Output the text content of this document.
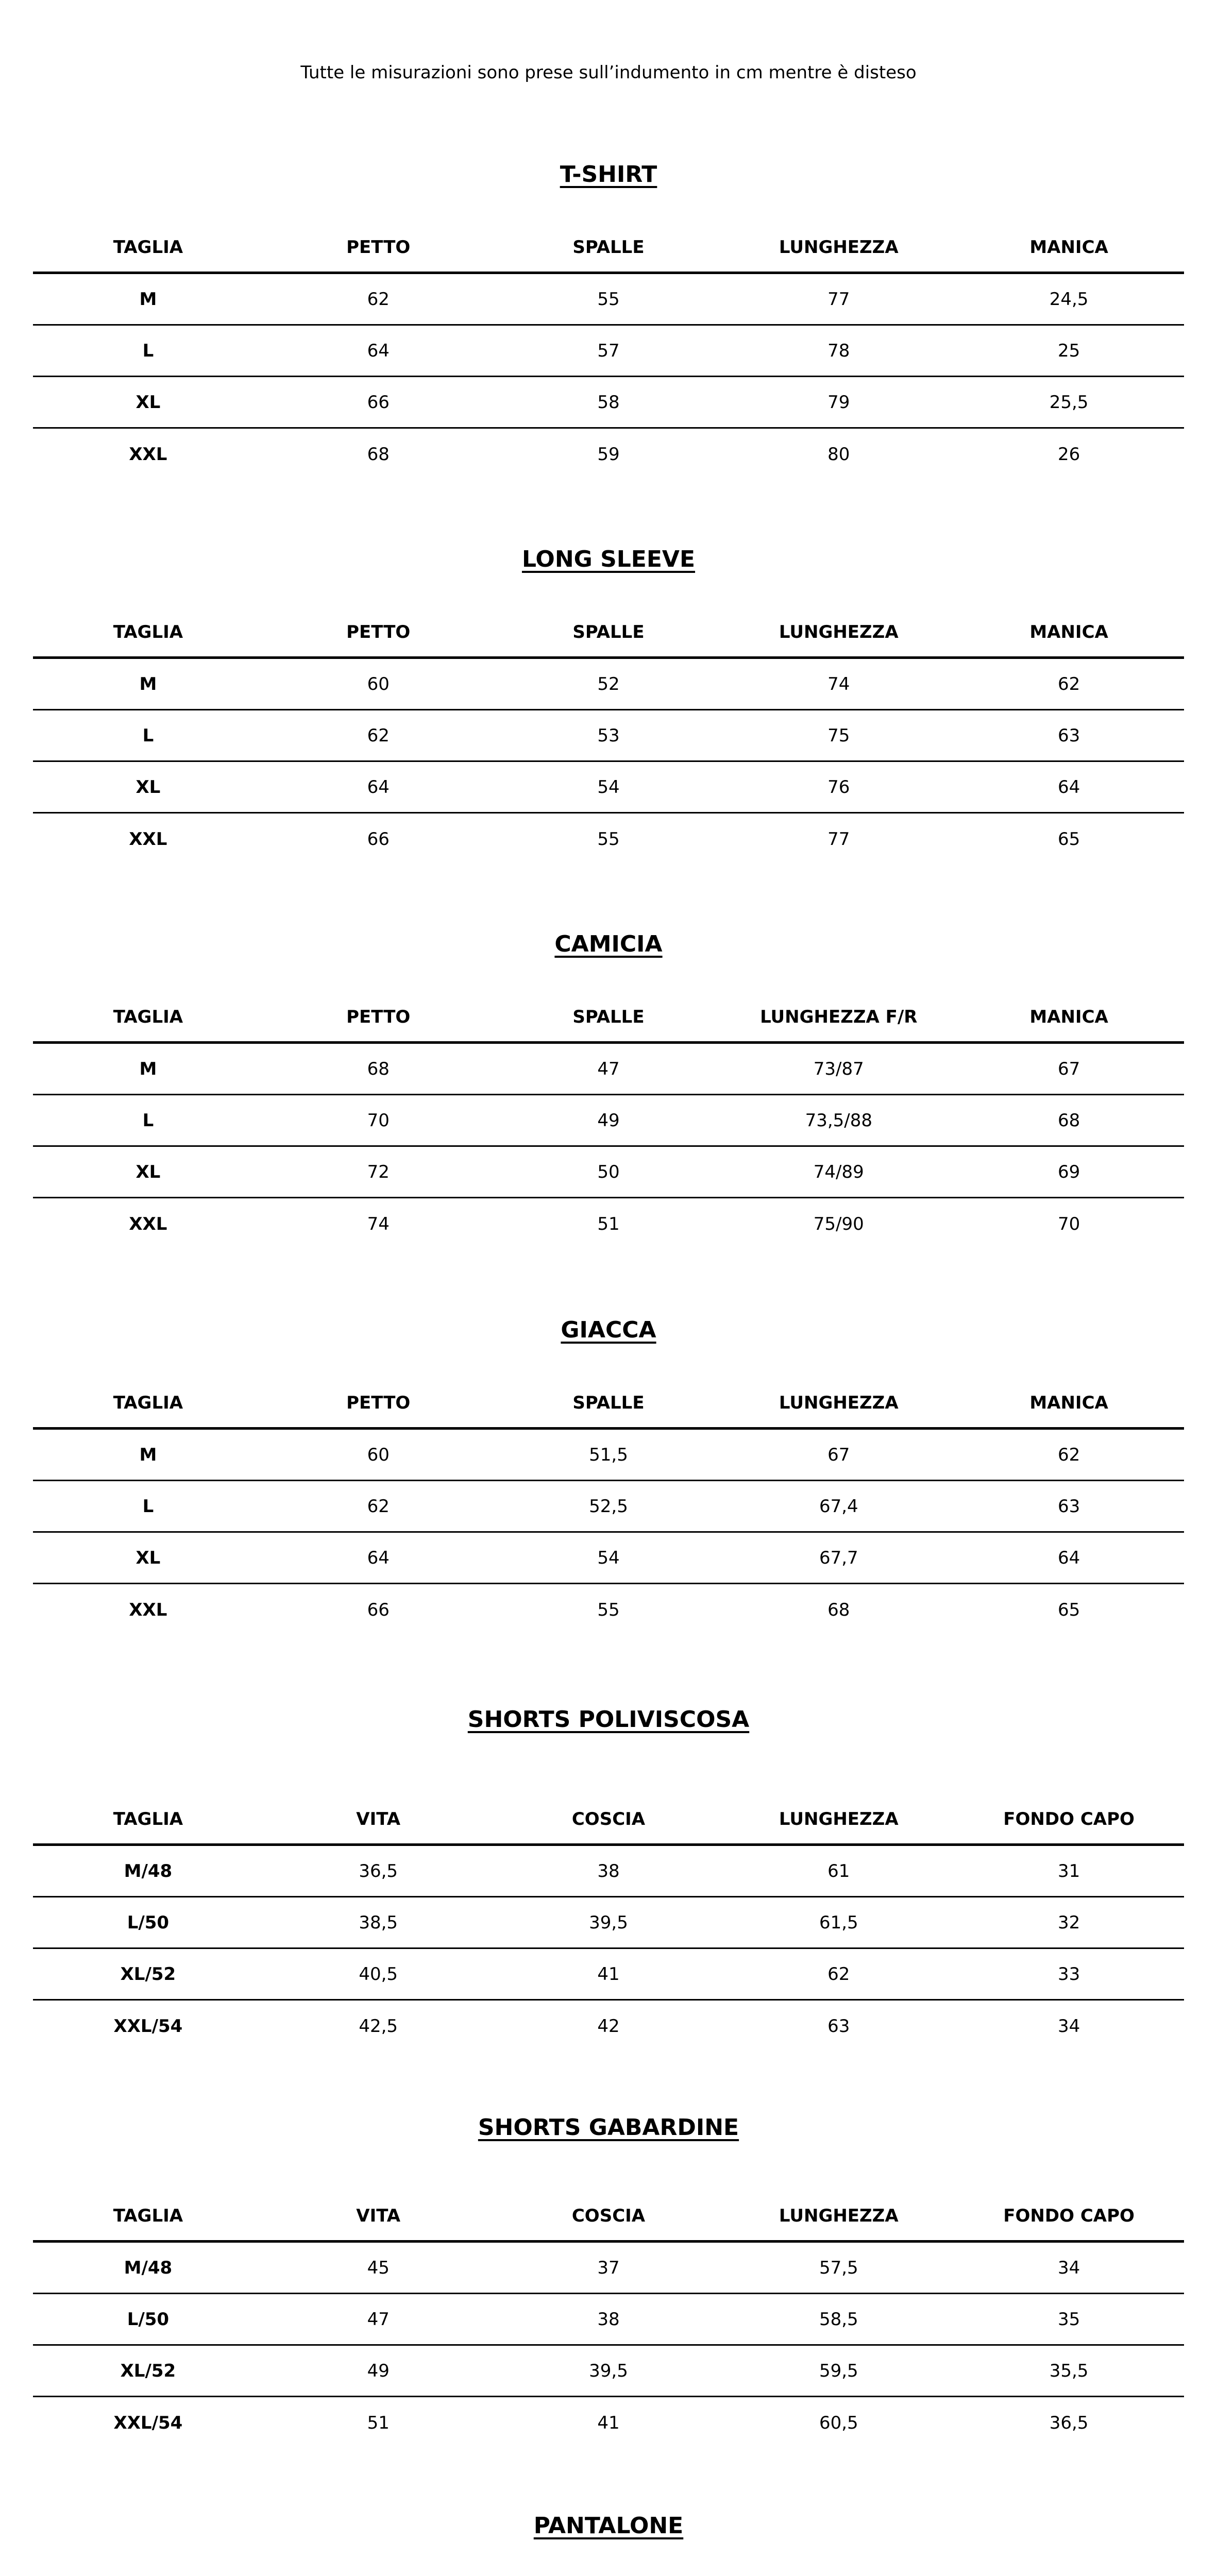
Tutte le misurazioni sono prese sull’indumento in cm mentre è disteso
T-SHIRT
TAGLIA	PETTO	SPALLE	LUNGHEZZA	MANICA
M	62	55	77	24,5
L	64	57	78	25
XL	66	58	79	25,5
XXL	68	59	80	26
LONG SLEEVE
TAGLIA	PETTO	SPALLE	LUNGHEZZA	MANICA
M	60	52	74	62
L	62	53	75	63
XL	64	54	76	64
XXL	66	55	77	65
CAMICIA
TAGLIA	PETTO	SPALLE	LUNGHEZZA F/R	MANICA
M	68	47	73/87	67
L	70	49	73,5/88	68
XL	72	50	74/89	69
XXL	74	51	75/90	70
GIACCA
TAGLIA	PETTO	SPALLE	LUNGHEZZA	MANICA
M	60	51,5	67	62
L	62	52,5	67,4	63
XL	64	54	67,7	64
XXL	66	55	68	65
SHORTS POLIVISCOSA
TAGLIA	VITA	COSCIA	LUNGHEZZA	FONDO CAPO
M/48	36,5	38	61	31
L/50	38,5	39,5	61,5	32
XL/52	40,5	41	62	33
XXL/54	42,5	42	63	34
SHORTS GABARDINE
TAGLIA	VITA	COSCIA	LUNGHEZZA	FONDO CAPO
M/48	45	37	57,5	34
L/50	47	38	58,5	35
XL/52	49	39,5	59,5	35,5
XXL/54	51	41	60,5	36,5
PANTALONE
